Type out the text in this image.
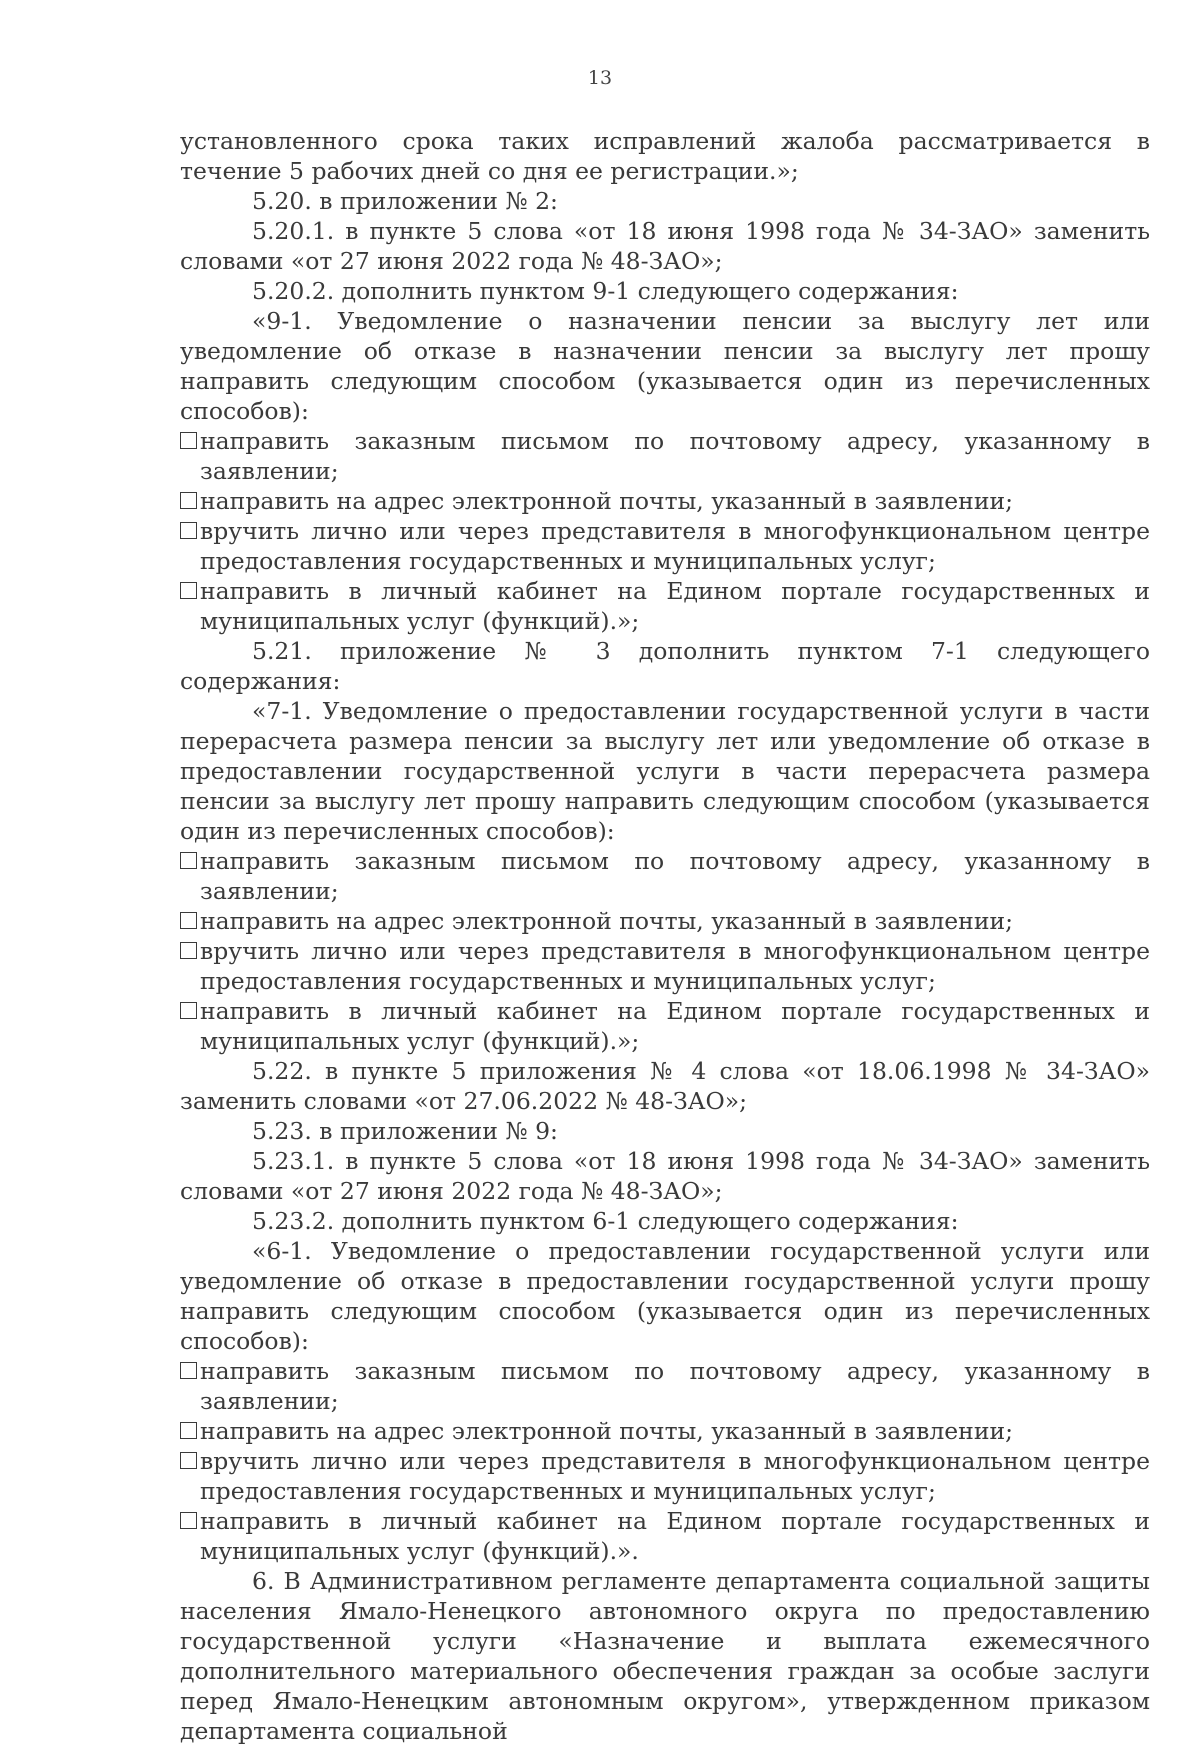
13

установленного срока таких исправлений жалоба рассматривается в течение 5 рабочих дней со дня ее регистрации.»;

5.20. в приложении № 2:

5.20.1. в пункте 5 слова «от 18 июня 1998 года № 34-ЗАО» заменить словами «от 27 июня 2022 года № 48-ЗАО»;

5.20.2. дополнить пунктом 9-1 следующего содержания:

«9-1. Уведомление о назначении пенсии за выслугу лет или уведомление об отказе в назначении пенсии за выслугу лет прошу направить следующим способом (указывается один из перечисленных способов):

направить заказным письмом по почтовому адресу, указанному в заявлении;
направить на адрес электронной почты, указанный в заявлении;
вручить лично или через представителя в многофункциональном центре предоставления государственных и муниципальных услуг;
направить в личный кабинет на Едином портале государственных и муниципальных услуг (функций).»;

5.21. приложение № 3 дополнить пунктом 7-1 следующего содержания:

«7-1. Уведомление о предоставлении государственной услуги в части перерасчета размера пенсии за выслугу лет или уведомление об отказе в предоставлении государственной услуги в части перерасчета размера пенсии за выслугу лет прошу направить следующим способом (указывается один из перечисленных способов):

направить заказным письмом по почтовому адресу, указанному в заявлении;
направить на адрес электронной почты, указанный в заявлении;
вручить лично или через представителя в многофункциональном центре предоставления государственных и муниципальных услуг;
направить в личный кабинет на Едином портале государственных и муниципальных услуг (функций).»;

5.22. в пункте 5 приложения № 4 слова «от 18.06.1998 № 34-ЗАО» заменить словами «от 27.06.2022 № 48-ЗАО»;

5.23. в приложении № 9:

5.23.1. в пункте 5 слова «от 18 июня 1998 года № 34-ЗАО» заменить словами «от 27 июня 2022 года № 48-ЗАО»;

5.23.2. дополнить пунктом 6-1 следующего содержания:

«6-1. Уведомление о предоставлении государственной услуги или уведомление об отказе в предоставлении государственной услуги прошу направить следующим способом (указывается один из перечисленных способов):

направить заказным письмом по почтовому адресу, указанному в заявлении;
направить на адрес электронной почты, указанный в заявлении;
вручить лично или через представителя в многофункциональном центре предоставления государственных и муниципальных услуг;
направить в личный кабинет на Едином портале государственных и муниципальных услуг (функций).».

6. В Административном регламенте департамента социальной защиты населения Ямало-Ненецкого автономного округа по предоставлению государственной услуги «Назначение и выплата ежемесячного дополнительного материального обеспечения граждан за особые заслуги перед Ямало-Ненецким автономным округом», утвержденном приказом департамента социальной
